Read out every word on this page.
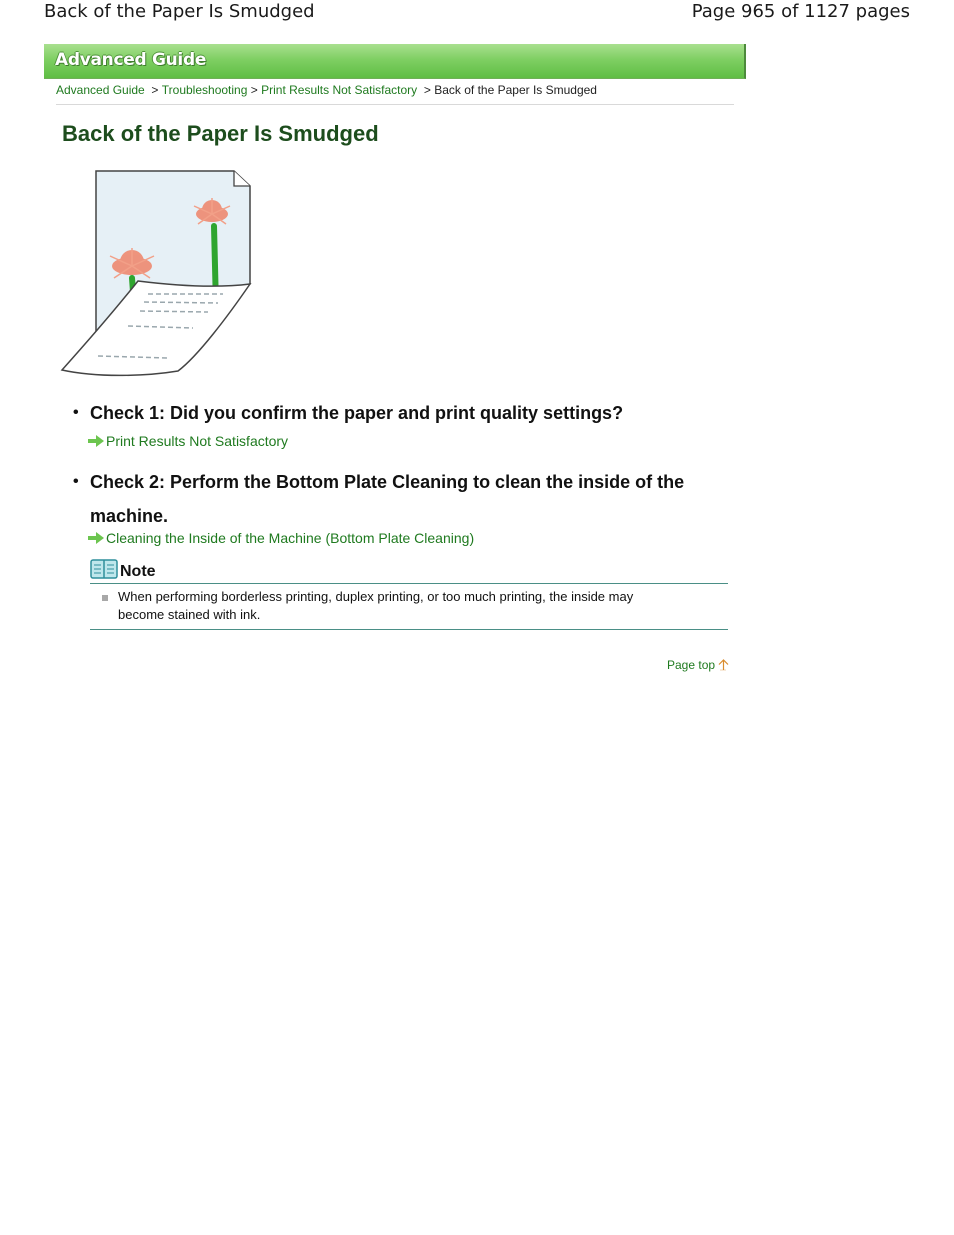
Back of the Paper Is Smudged	Page 965 of 1127 pages
Advanced Guide
Advanced Guide > Troubleshooting > Print Results Not Satisfactory > Back of the Paper Is Smudged
Back of the Paper Is Smudged
• Check 1: Did you confirm the paper and print quality settings?
Print Results Not Satisfactory
• Check 2: Perform the Bottom Plate Cleaning to clean the inside of the
machine.
Cleaning the Inside of the Machine (Bottom Plate Cleaning)
Note
When performing borderless printing, duplex printing, or too much printing, the inside may
become stained with ink.
Page top
